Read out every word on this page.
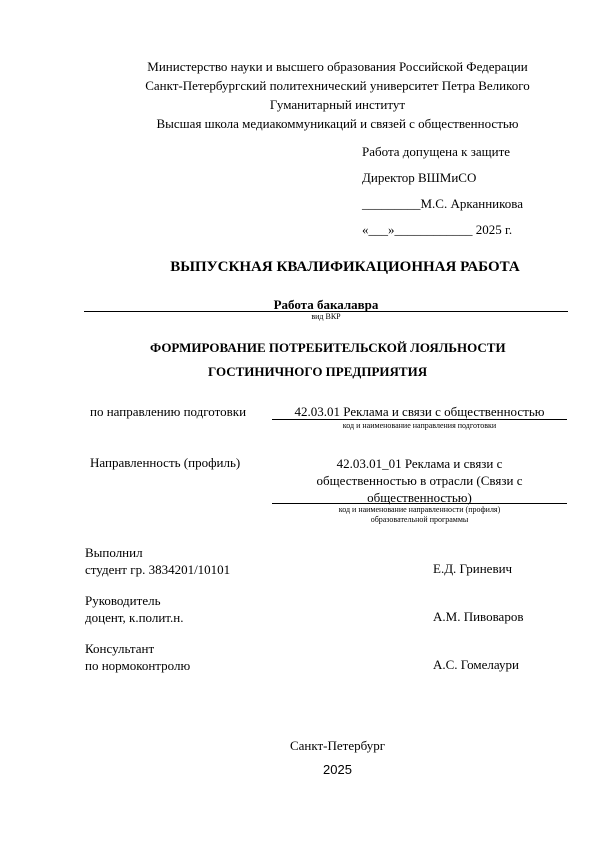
Министерство науки и высшего образования Российской Федерации
Санкт-Петербургский политехнический университет Петра Великого
Гуманитарный институт
Высшая школа медиакоммуникаций и связей с общественностью
Работа допущена к защите
Директор ВШМиСО
_________М.С. Арканникова
«___»____________ 2025 г.
ВЫПУСКНАЯ КВАЛИФИКАЦИОННАЯ РАБОТА
Работа бакалавра
вид ВКР
ФОРМИРОВАНИЕ ПОТРЕБИТЕЛЬСКОЙ ЛОЯЛЬНОСТИ
ГОСТИНИЧНОГО ПРЕДПРИЯТИЯ
по направлению подготовки	42.03.01 Реклама и связи с общественностью
код и наименование направления подготовки
Направленность (профиль)	42.03.01_01 Реклама и связи с
общественностью в отрасли (Связи с
общественностью)
код и наименование направленности (профиля)
образовательной программы
Выполнил
студент гр. 3834201/10101	Е.Д. Гриневич
Руководитель
доцент, к.полит.н.	А.М. Пивоваров
Консультант
по нормоконтролю	А.С. Гомелаури
Санкт-Петербург
2025
